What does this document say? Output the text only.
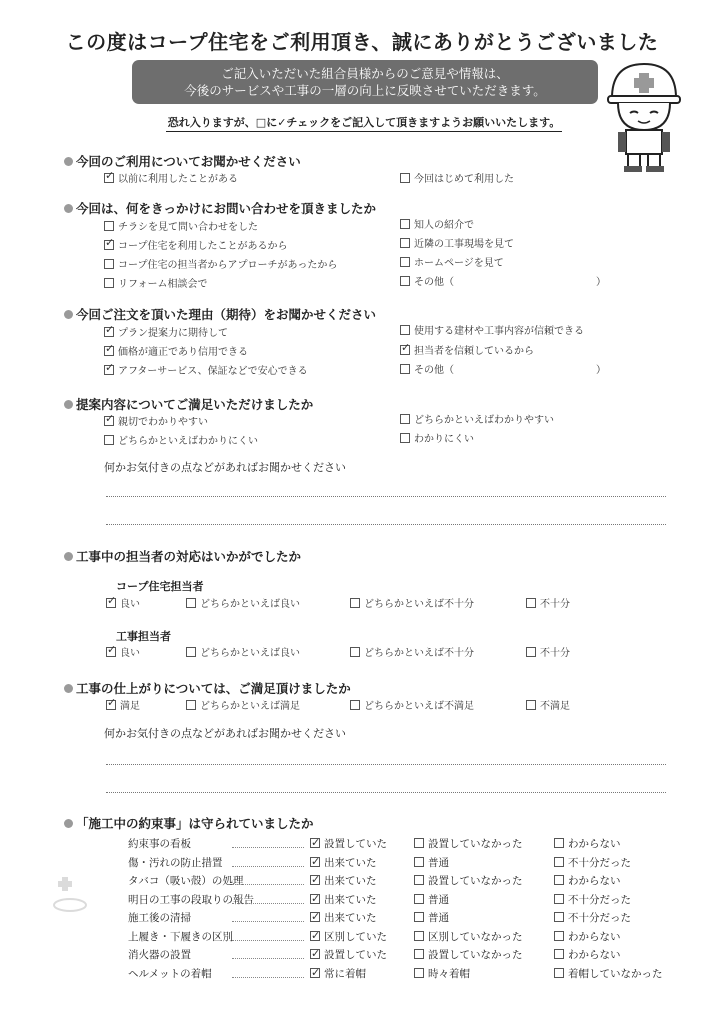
この度はコープ住宅をご利用頂き、誠にありがとうございました
ご記入いただいた組合員様からのご意見や情報は、
今後のサービスや工事の一層の向上に反映させていただきます。
恐れ入りますが、□に✓チェックをご記入して頂きますようお願いいたします。
今回のご利用についてお聞かせください
✓以前に利用したことがある	今回はじめて利用した
今回は、何をきっかけにお問い合わせを頂きましたか
チラシを見て問い合わせをした
✓コープ住宅を利用したことがあるから
コープ住宅の担当者からアプローチがあったから
リフォーム相談会で
知人の紹介で
近隣の工事現場を見て
ホームページを見て
その他（	）
今回ご注文を頂いた理由（期待）をお聞かせください
✓プラン提案力に期待して
✓価格が適正であり信用できる
✓アフターサービス、保証などで安心できる
使用する建材や工事内容が信頼できる
✓担当者を信頼しているから
その他（	）
提案内容についてご満足いただけましたか
✓親切でわかりやすい
どちらかといえばわかりにくい
どちらかといえばわかりやすい
わかりにくい
何かお気付きの点などがあればお聞かせください
工事中の担当者の対応はいかがでしたか
コープ住宅担当者
✓良い	どちらかといえば良い	どちらかといえば不十分	不十分
工事担当者
✓良い	どちらかといえば良い	どちらかといえば不十分	不十分
工事の仕上がりについては、ご満足頂けましたか
✓満足	どちらかといえば満足	どちらかといえば不満足	不満足
何かお気付きの点などがあればお聞かせください
「施工中の約束事」は守られていましたか
約束事の看板 ✓	設置していた	設置していなかった	わからない
傷・汚れの防止措置 ✓	出来ていた	普通	不十分だった
タバコ（吸い殻）の処理 ✓	出来ていた	設置していなかった	わからない
明日の工事の段取りの報告 ✓	出来ていた	普通	不十分だった
施工後の清掃 ✓	出来ていた	普通	不十分だった
上履き・下履きの区別 ✓	区別していた	区別していなかった	わからない
消火器の設置 ✓	設置していた	設置していなかった	わからない
ヘルメットの着帽 ✓	常に着帽	時々着帽	着帽していなかった
